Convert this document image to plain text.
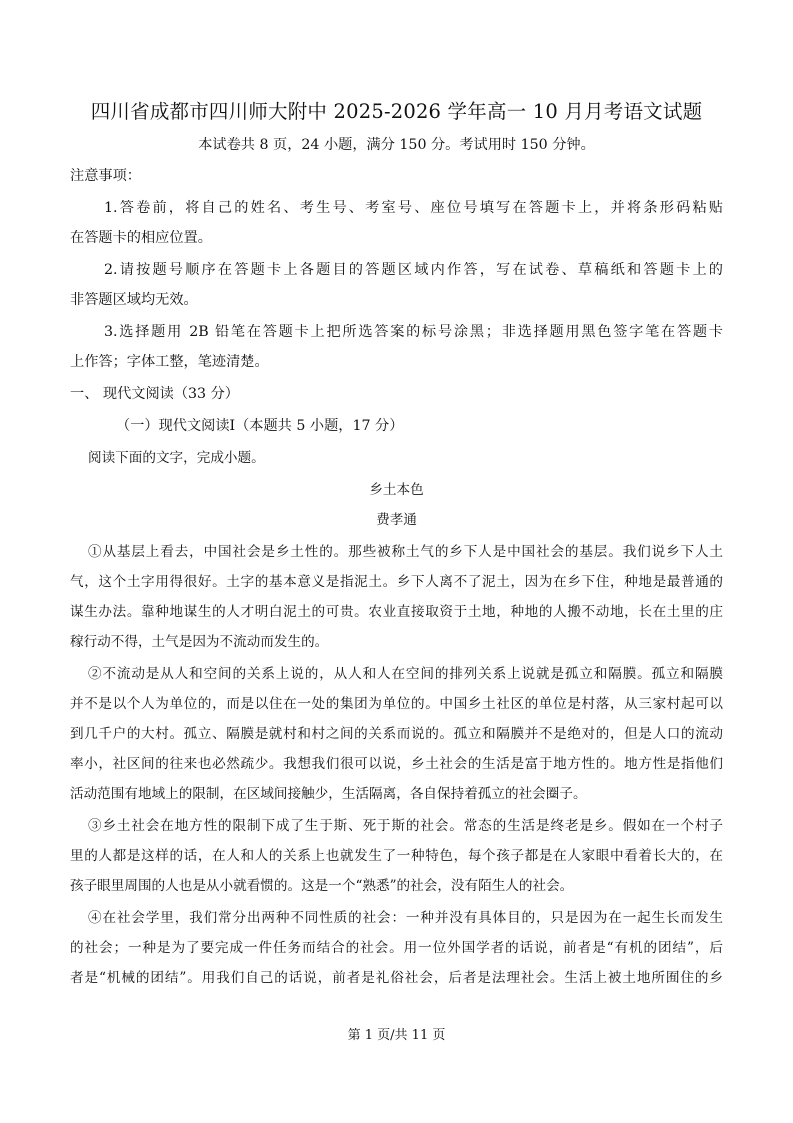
四川省成都市四川师大附中 2025-2026 学年高一 10 月月考语文试题
本试卷共 8 页，24 小题，满分 150 分。考试用时 150 分钟。
注意事项：
1.答卷前，将自己的姓名、考生号、考室号、座位号填写在答题卡上，并将条形码粘贴
在答题卡的相应位置。
2.请按题号顺序在答题卡上各题目的答题区域内作答，写在试卷、草稿纸和答题卡上的
非答题区域均无效。
3.选择题用 2B 铅笔在答题卡上把所选答案的标号涂黑；非选择题用黑色签字笔在答题卡
上作答；字体工整，笔迹清楚。
一、 现代文阅读（33 分）
（一）现代文阅读Ⅰ（本题共 5 小题，17 分）
阅读下面的文字，完成小题。
乡土本色
费孝通
①从基层上看去，中国社会是乡土性的。那些被称土气的乡下人是中国社会的基层。我们说乡下人土
气，这个土字用得很好。土字的基本意义是指泥土。乡下人离不了泥土，因为在乡下住，种地是最普通的
谋生办法。靠种地谋生的人才明白泥土的可贵。农业直接取资于土地，种地的人搬不动地，长在土里的庄
稼行动不得，土气是因为不流动而发生的。
②不流动是从人和空间的关系上说的，从人和人在空间的排列关系上说就是孤立和隔膜。孤立和隔膜
并不是以个人为单位的，而是以住在一处的集团为单位的。中国乡土社区的单位是村落，从三家村起可以
到几千户的大村。孤立、隔膜是就村和村之间的关系而说的。孤立和隔膜并不是绝对的，但是人口的流动
率小，社区间的往来也必然疏少。我想我们很可以说，乡土社会的生活是富于地方性的。地方性是指他们
活动范围有地域上的限制，在区域间接触少，生活隔离，各自保持着孤立的社会圈子。
③乡土社会在地方性的限制下成了生于斯、死于斯的社会。常态的生活是终老是乡。假如在一个村子
里的人都是这样的话，在人和人的关系上也就发生了一种特色，每个孩子都是在人家眼中看着长大的，在
孩子眼里周围的人也是从小就看惯的。这是一个“熟悉”的社会，没有陌生人的社会。
④在社会学里，我们常分出两种不同性质的社会：一种并没有具体目的，只是因为在一起生长而发生
的社会；一种是为了要完成一件任务而结合的社会。用一位外国学者的话说，前者是“有机的团结”，后
者是“机械的团结”。用我们自己的话说，前者是礼俗社会，后者是法理社会。生活上被土地所囿住的乡
第 1 页/共 11 页
